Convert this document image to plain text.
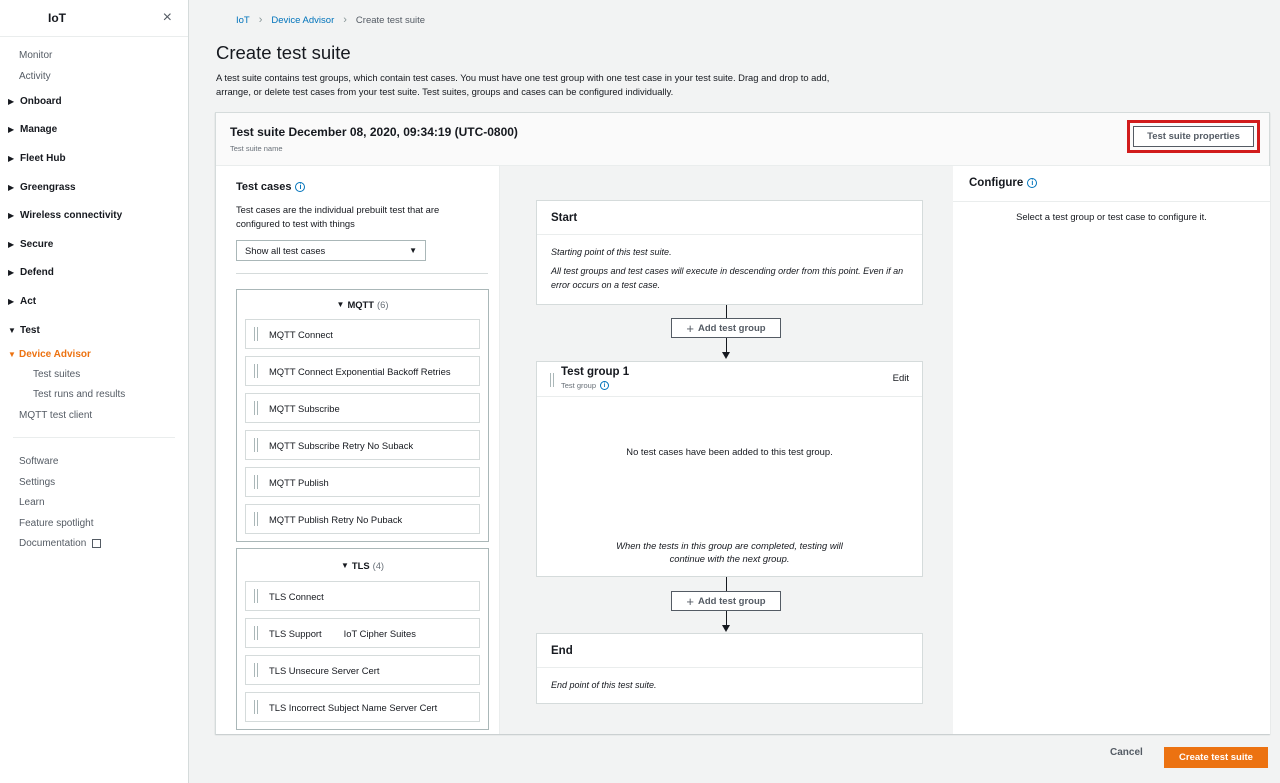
IoT	×
Monitor
Activity
▶ Onboard
▶ Manage
▶ Fleet Hub
▶ Greengrass
▶ Wireless connectivity
▶ Secure
▶ Defend
▶ Act
▼ Test
▼ Device Advisor
Test suites
Test runs and results
MQTT test client
Software
Settings
Learn
Feature spotlight
Documentation
IoT › Device Advisor › Create test suite
Create test suite

A test suite contains test groups, which contain test cases. You must have one test group with one test case in your test suite. Drag and drop to add, arrange, or delete test cases from your test suite. Test suites, groups and cases can be configured individually.

Test suite December 08, 2020, 09:34:19 (UTC-0800)
Test suite name
Test suite properties
Test cases	i
Test cases are the individual prebuilt test that are configured to test with things
Show all test cases	▼
▼ MQTT (6)
MQTT Connect
MQTT Connect Exponential Backoff Retries
MQTT Subscribe
MQTT Subscribe Retry No Suback
MQTT Publish
MQTT Publish Retry No Puback
▼ TLS (4)
TLS Connect
TLS Support IoT Cipher Suites
TLS Unsecure Server Cert
TLS Incorrect Subject Name Server Cert
Start
Starting point of this test suite.
All test groups and test cases will execute in descending order from this point. Even if an error occurs on a test case.
+ Add test group
Test group 1
Test group	i
Edit
No test cases have been added to this test group.
When the tests in this group are completed, testing will continue with the next group.
+ Add test group
End
End point of this test suite.
Configure	i
Select a test group or test case to configure it.
Cancel	Create test suite
